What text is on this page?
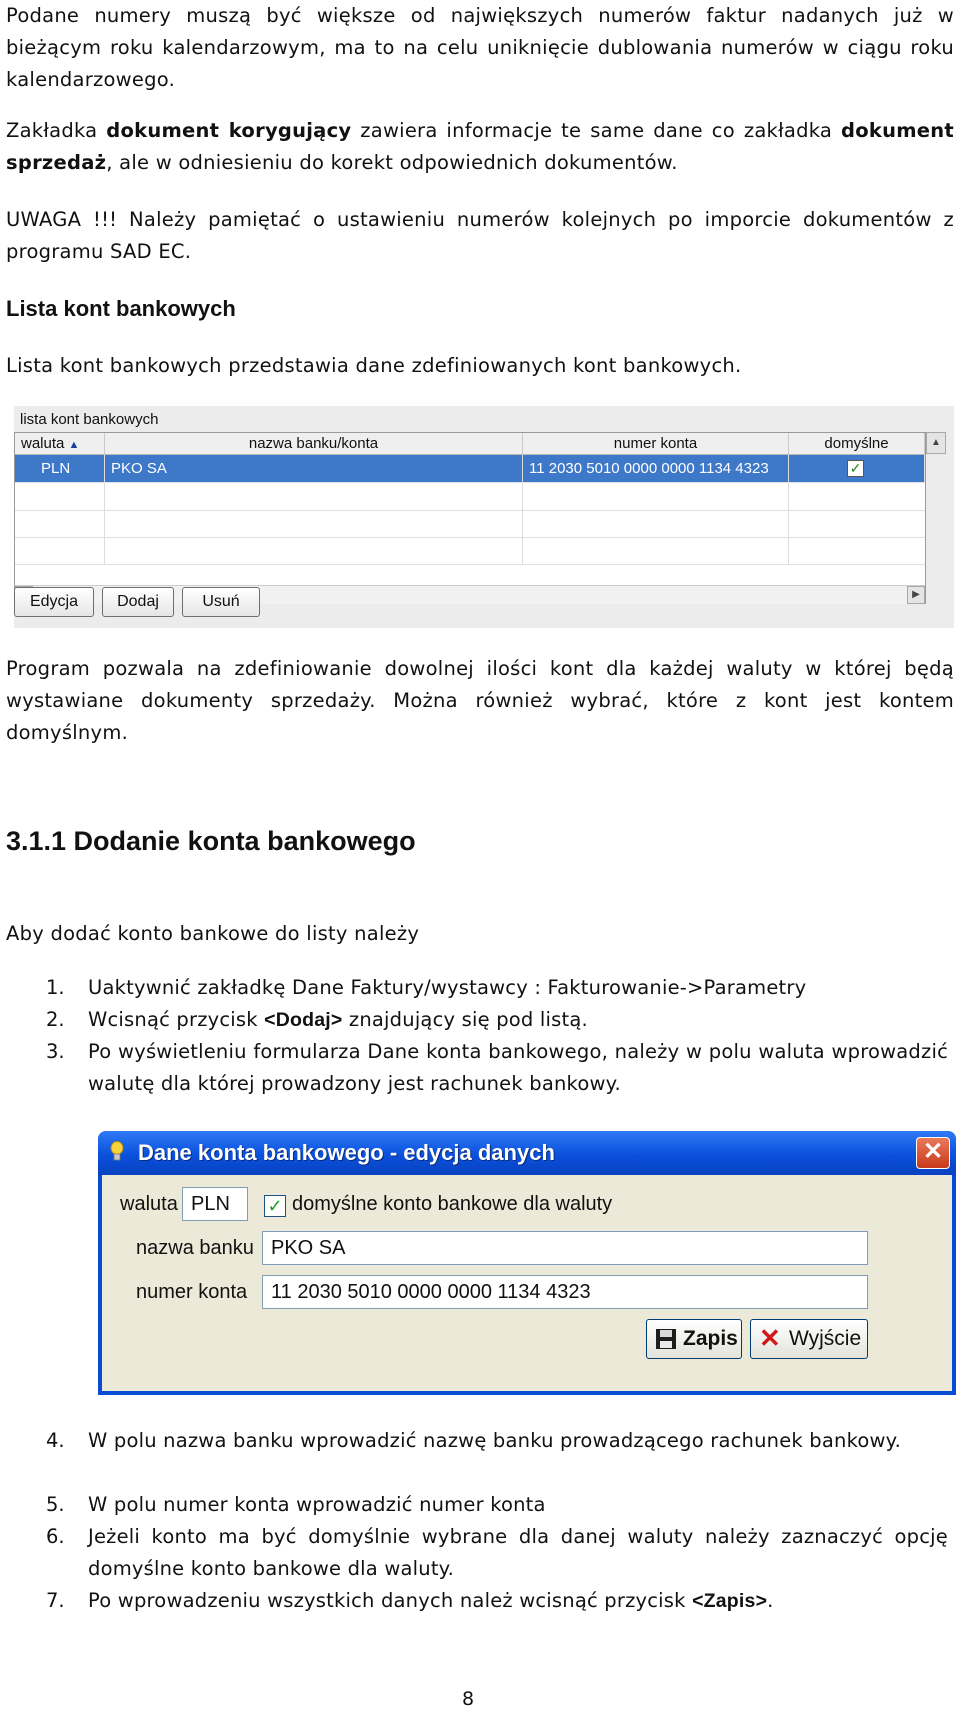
Podane numery muszą być większe od największych numerów faktur nadanych już w bieżącym roku kalendarzowym, ma to na celu uniknięcie dublowania numerów w ciągu roku kalendarzowego.
Zakładka dokument korygujący zawiera informacje te same dane co zakładka dokument sprzedaż, ale w odniesieniu do korekt odpowiednich dokumentów.
UWAGA !!! Należy pamiętać o ustawieniu numerów kolejnych po imporcie dokumentów z programu SAD EC.
Lista kont bankowych
Lista kont bankowych przedstawia dane zdefiniowanych kont bankowych.
lista kont bankowych
waluta ▲	nazwa banku/konta	numer konta	domyślne
PLN	PKO SA	11 2030 5010 0000 0000 1134 4323	✓
▶
▲
Edycja	Dodaj	Usuń
Program pozwala na zdefiniowanie dowolnej ilości kont dla każdej waluty w której będą wystawiane dokumenty sprzedaży. Można również wybrać, które z kont jest kontem domyślnym.
3.1.1 Dodanie konta bankowego
Aby dodać konto bankowe do listy należy
1. Uaktywnić zakładkę Dane Faktury/wystawcy : Fakturowanie->Parametry
2. Wcisnąć przycisk <Dodaj> znajdujący się pod listą.
3. Po wyświetleniu formularza Dane konta bankowego, należy w polu waluta wprowadzić walutę dla której prowadzony jest rachunek bankowy.
Dane konta bankowego - edycja danych	✕
waluta PLN	✓ domyślne konto bankowe dla waluty
nazwa banku PKO SA
numer konta	11 2030 5010 0000 0000 1134 4323
Zapis ✕ Wyjście
4. W polu nazwa banku wprowadzić nazwę banku prowadzącego rachunek bankowy.
5. W polu numer konta wprowadzić numer konta
6. Jeżeli konto ma być domyślnie wybrane dla danej waluty należy zaznaczyć opcję domyślne konto bankowe dla waluty.
7. Po wprowadzeniu wszystkich danych należ wcisnąć przycisk <Zapis>.
8
